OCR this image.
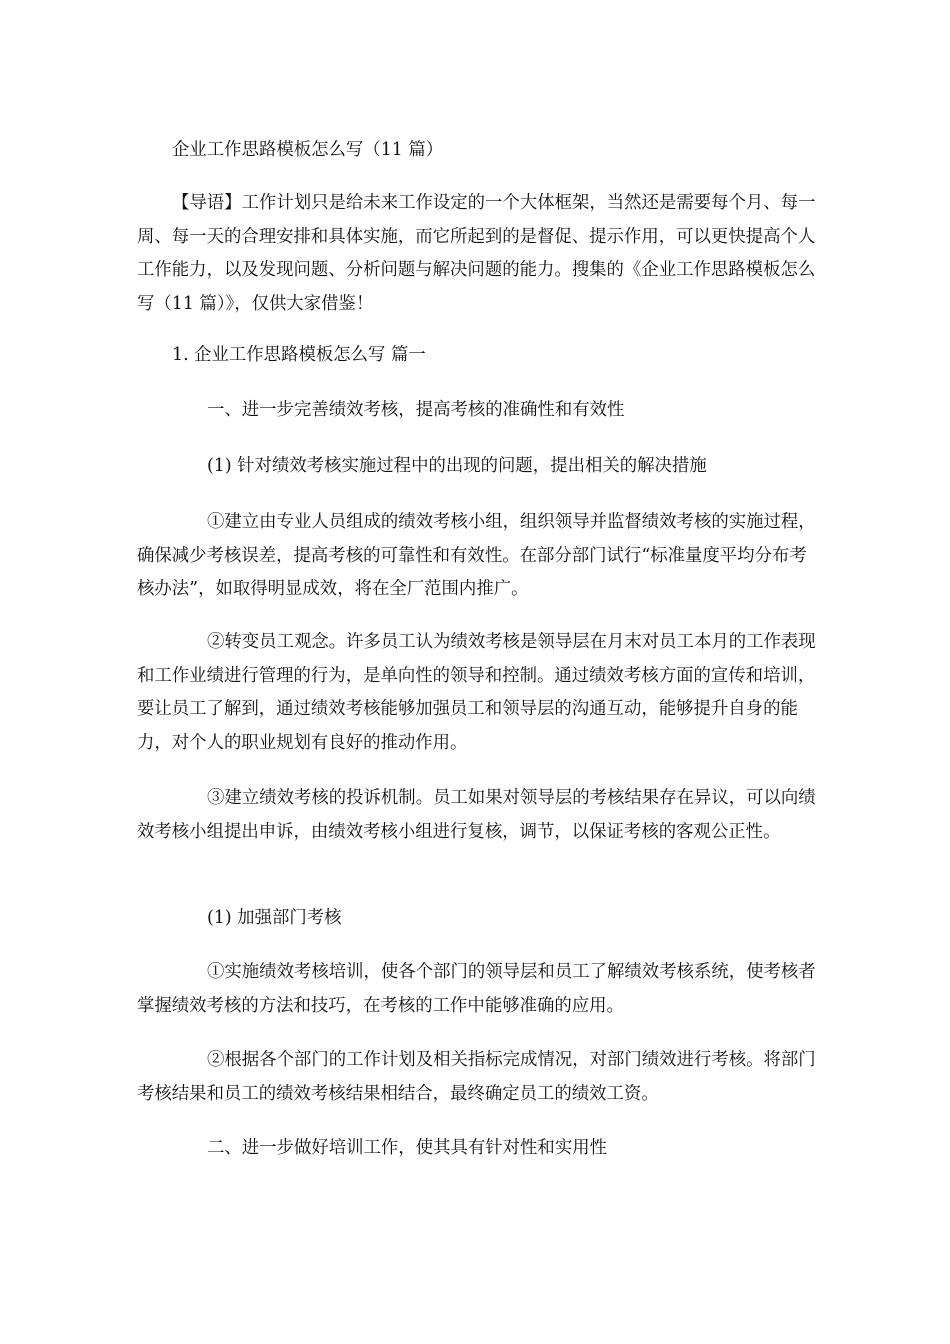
企业工作思路模板怎么写（11 篇）

【导语】工作计划只是给未来工作设定的一个大体框架，当然还是需要每个月、每一周、每一天的合理安排和具体实施，而它所起到的是督促、提示作用，可以更快提高个人工作能力，以及发现问题、分析问题与解决问题的能力。搜集的《企业工作思路模板怎么写（11 篇）》，仅供大家借鉴！

1. 企业工作思路模板怎么写 篇一

一、进一步完善绩效考核，提高考核的准确性和有效性

(1) 针对绩效考核实施过程中的出现的问题，提出相关的解决措施

①建立由专业人员组成的绩效考核小组，组织领导并监督绩效考核的实施过程，确保减少考核误差，提高考核的可靠性和有效性。在部分部门试行“标准量度平均分布考核办法”，如取得明显成效，将在全厂范围内推广。

②转变员工观念。许多员工认为绩效考核是领导层在月末对员工本月的工作表现和工作业绩进行管理的行为，是单向性的领导和控制。通过绩效考核方面的宣传和培训，要让员工了解到，通过绩效考核能够加强员工和领导层的沟通互动，能够提升自身的能力，对个人的职业规划有良好的推动作用。

③建立绩效考核的投诉机制。员工如果对领导层的考核结果存在异议，可以向绩效考核小组提出申诉，由绩效考核小组进行复核，调节，以保证考核的客观公正性。

(1) 加强部门考核

①实施绩效考核培训，使各个部门的领导层和员工了解绩效考核系统，使考核者掌握绩效考核的方法和技巧，在考核的工作中能够准确的应用。

②根据各个部门的工作计划及相关指标完成情况，对部门绩效进行考核。将部门考核结果和员工的绩效考核结果相结合，最终确定员工的绩效工资。

二、进一步做好培训工作，使其具有针对性和实用性
